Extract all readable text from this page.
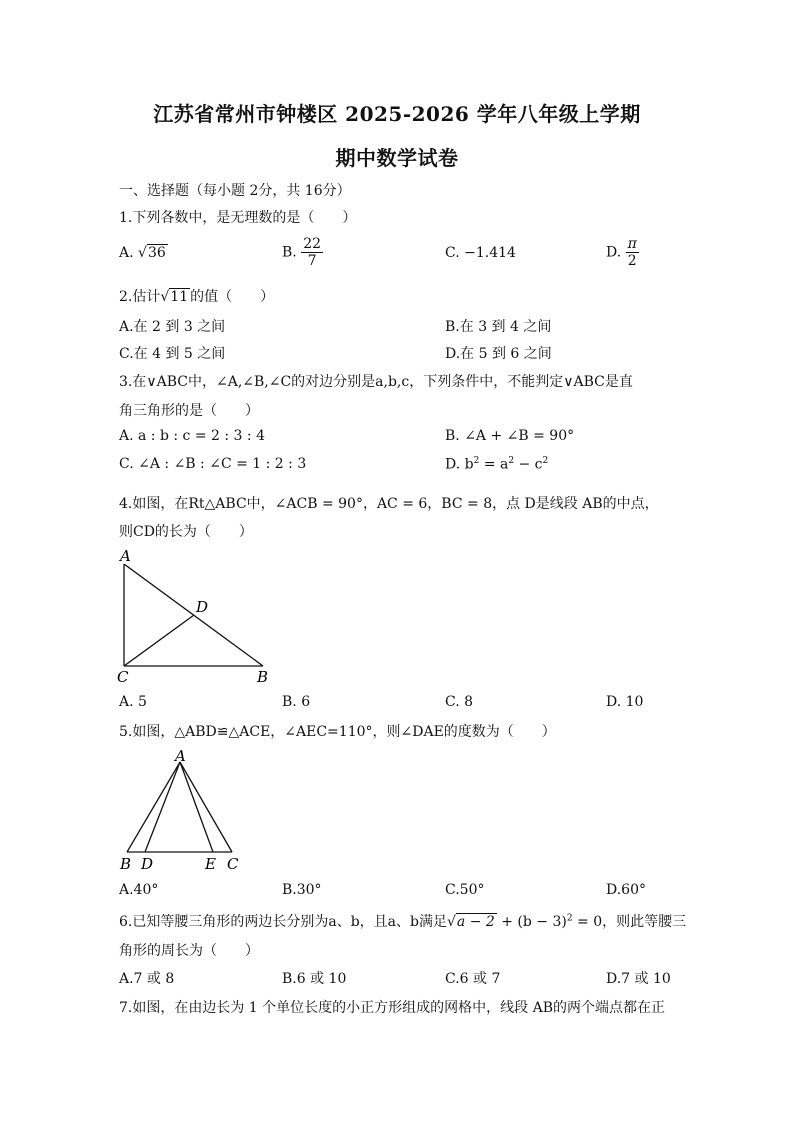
江苏省常州市钟楼区 2025-2026 学年八年级上学期
期中数学试卷
一、选择题（每小题 2分，共 16分）
1.下列各数中，是无理数的是（　　）
A. √36	B. $\frac{22}{7}$	C. −1.414	D. $\frac{\pi}{2}$
2.估计√11 的值（　　）
A.在 2 到 3 之间	B.在 3 到 4 之间
C.在 4 到 5 之间	D.在 5 到 6 之间
3.在∨ABC中，∠A,∠B,∠C的对边分别是a,b,c，下列条件中，不能判定∨ABC是直
角三角形的是（　　）
A. a : b : c = 2 : 3 : 4	B. ∠A + ∠B = 90°
C. ∠A : ∠B : ∠C = 1 : 2 : 3	D. $b^2 = a^2 - c^2$
4.如图，在Rt△ABC中，∠ACB = 90°，AC = 6，BC = 8，点 D是线段 AB的中点，
则CD的长为（　　）
A
D
C	B
A. 5	B. 6	C. 8	D. 10
5.如图，△ABD≌△ACE，∠AEC=110°，则∠DAE的度数为（　　）
A
B D	E C
A.40°	B.30°	C.50°	D.60°
6.已知等腰三角形的两边长分别为a、b，且a、b满足$√a - 2 + (b - 3)^2 = 0$，则此等腰三
角形的周长为（　　）
A.7 或 8	B.6 或 10	C.6 或 7	D.7 或 10
7.如图，在由边长为 1 个单位长度的小正方形组成的网格中，线段 AB的两个端点都在正
